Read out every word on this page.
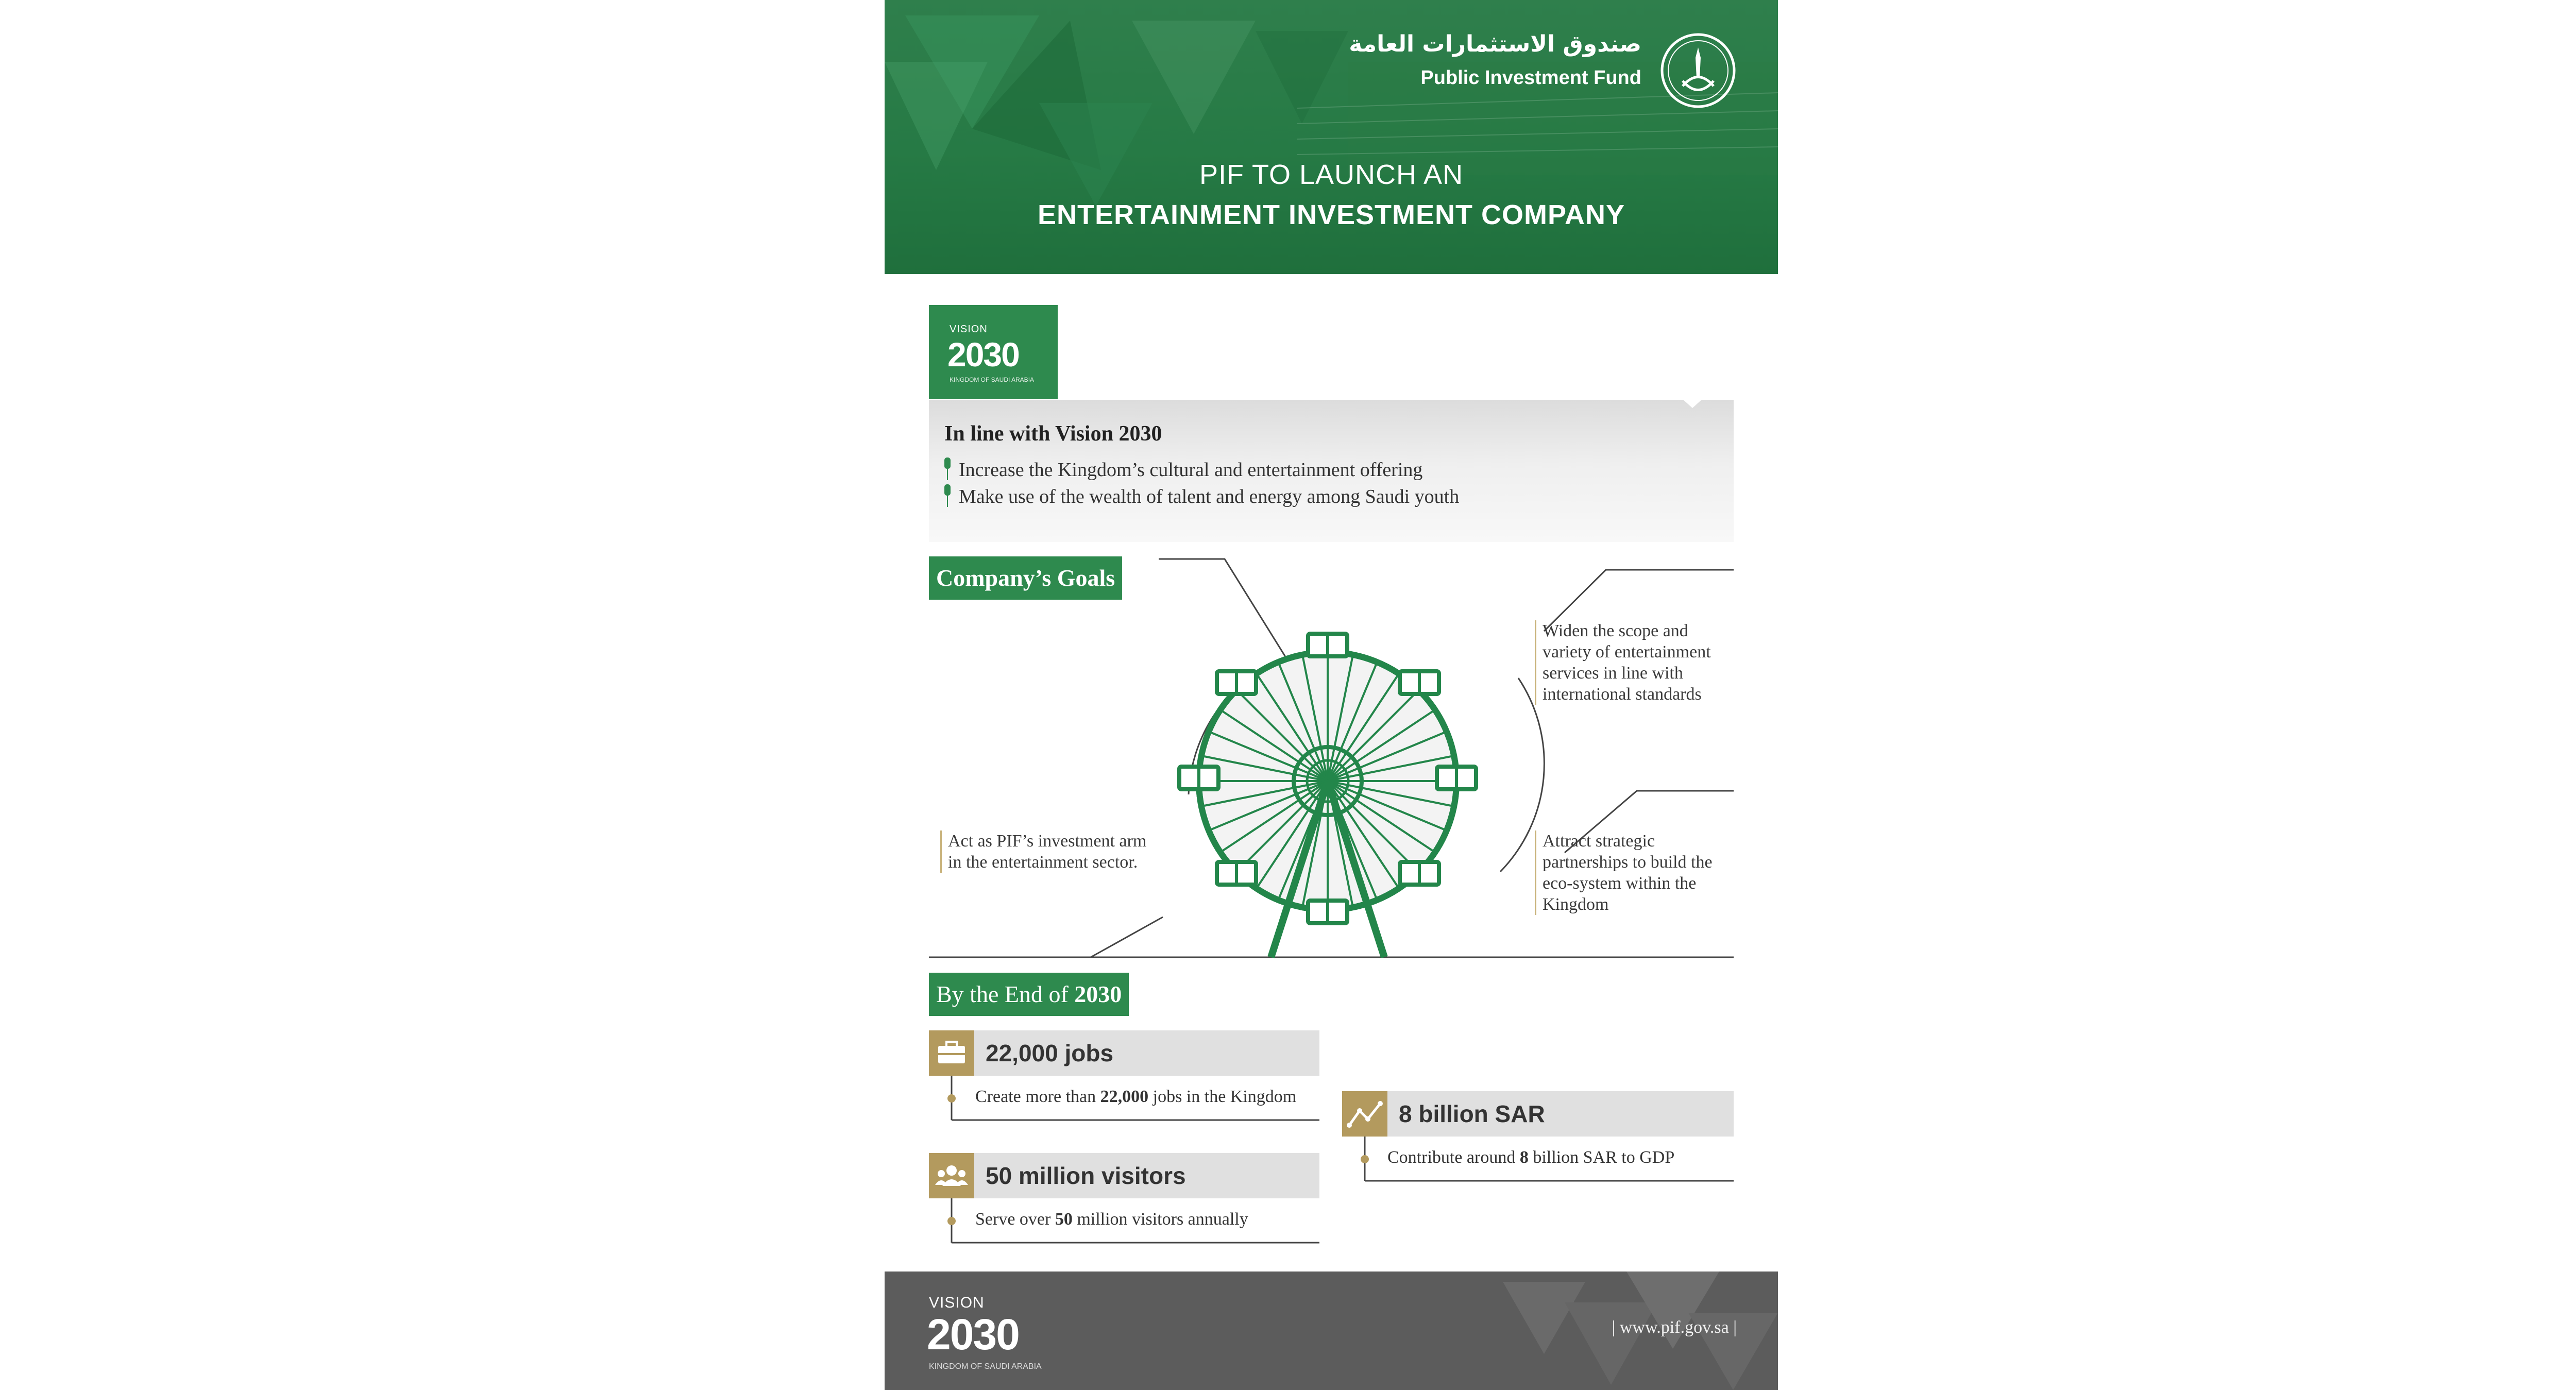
صندوق الاستثمارات العامة
Public Investment Fund
PIF TO LAUNCH AN
ENTERTAINMENT INVESTMENT COMPANY
VISION
2030
KINGDOM OF SAUDI ARABIA
In line with Vision 2030
Increase the Kingdom’s cultural and entertainment offering
Make use of the wealth of talent and energy among Saudi youth
Company’s Goals
Widen the scope and variety of entertainment services in line with international standards
Act as PIF’s investment arm in the entertainment sector.
Attract strategic partnerships to build the eco-system within the Kingdom
By the End of 2030
22,000 jobs
Create more than 22,000 jobs in the Kingdom
8 billion SAR
Contribute around 8 billion SAR to GDP
50 million visitors
Serve over 50 million visitors annually
VISION
2030
KINGDOM OF SAUDI ARABIA
| www.pif.gov.sa |
